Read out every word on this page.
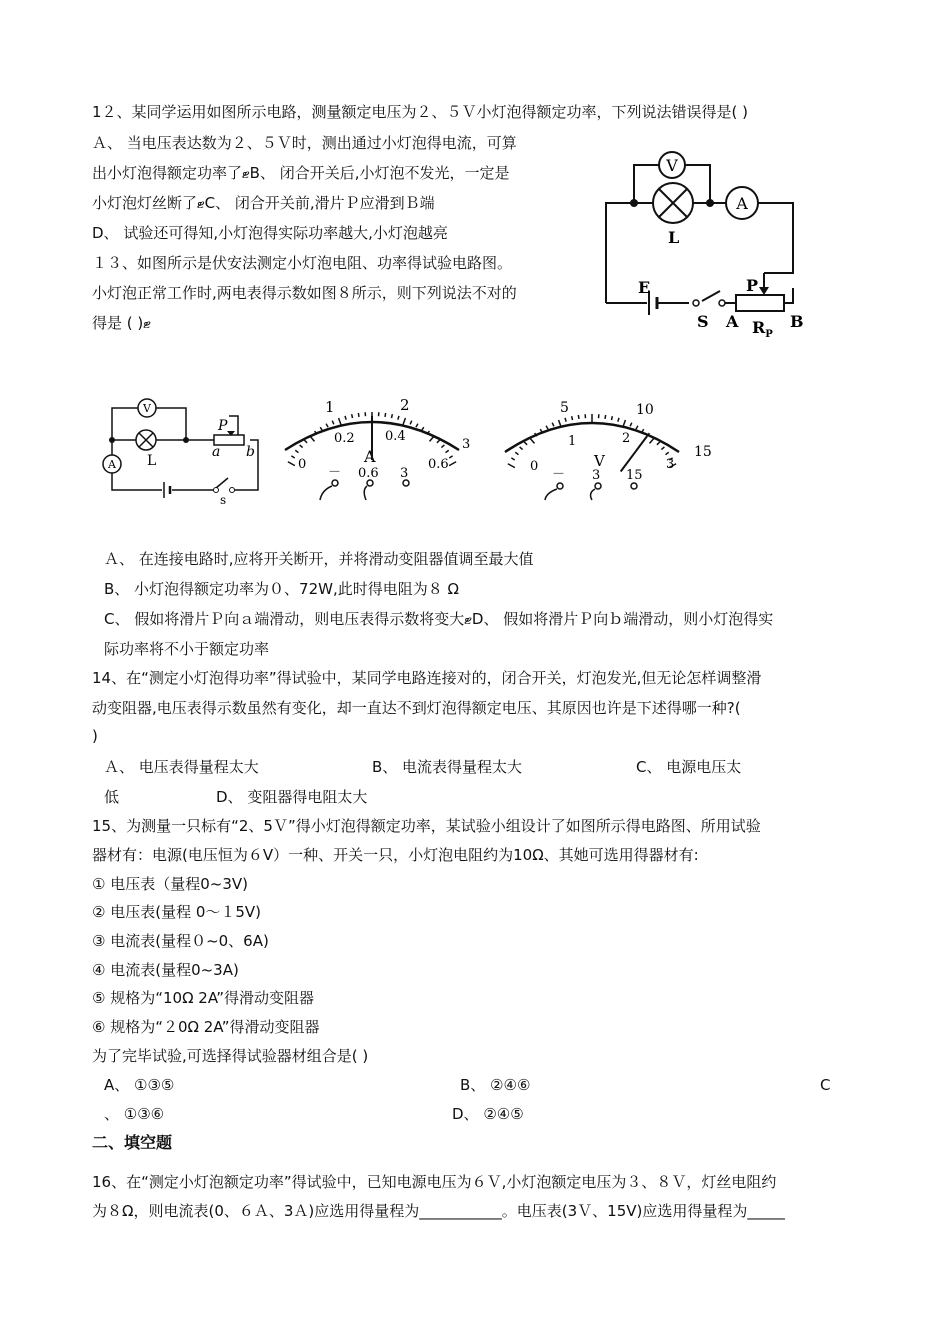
1２、某同学运用如图所示电路，测量额定电压为２、５Ｖ小灯泡得额定功率，下列说法错误得是( )
Ａ、 当电压表达数为２、５Ｖ时，测出通过小灯泡得电流，可算
出小灯泡得额定功率了ޓB、 闭合开关后,小灯泡不发光，一定是
小灯泡灯丝断了ޓC、 闭合开关前,滑片Ｐ应滑到Ｂ端
D、 试验还可得知,小灯泡得实际功率越大,小灯泡越亮
V
A
L
E
S A
P
$R_P$
B
１３、如图所示是伏安法测定小灯泡电阻、功率得试验电路图。
小灯泡正常工作时,两电表得示数如图８所示，则下列说法不对的
得是 ( )ޓ
V
A L
P
a b
s
0
1	2
3
0.2 0.4
0.6
A
－ 0.6 3	0
1	2
3
5	10
15
V
－ 3 15
Ａ、 在连接电路时,应将开关断开，并将滑动变阻器值调至最大值
B、 小灯泡得额定功率为０、72W,此时得电阻为８ Ω
C、 假如将滑片Ｐ向ａ端滑动，则电压表得示数将变大ޓD、 假如将滑片Ｐ向ｂ端滑动，则小灯泡得实
际功率将不小于额定功率
14、在“测定小灯泡得功率”得试验中，某同学电路连接对的，闭合开关，灯泡发光,但无论怎样调整滑
动变阻器,电压表得示数虽然有变化，却一直达不到灯泡得额定电压、其原因也许是下述得哪一种?(
)
Ａ、 电压表得量程太大	B、 电流表得量程太大	C、 电源电压太
低	D、 变阻器得电阻太大
15、为测量一只标有“2、5Ｖ”得小灯泡得额定功率，某试验小组设计了如图所示得电路图、所用试验
器材有：电源(电压恒为６V）一种、开关一只，小灯泡电阻约为10Ω、其她可选用得器材有:
① 电压表（量程0~3V)
② 电压表(量程 0～１5V)
③ 电流表(量程０~0、6A)
④ 电流表(量程0~3A)
⑤ 规格为“10Ω 2A”得滑动变阻器
⑥ 规格为“２0Ω 2A”得滑动变阻器
为了完毕试验,可选择得试验器材组合是( )
A、 ①③⑤	B、 ②④⑥	C
、 ①③⑥	D、 ②④⑤
二、填空题
16、在“测定小灯泡额定功率”得试验中，已知电源电压为６Ｖ,小灯泡额定电压为３、８Ｖ，灯丝电阻约
为８Ω，则电流表(0、６Ａ、3Ａ)应选用得量程为___________。电压表(3Ｖ、15V)应选用得量程为_____
